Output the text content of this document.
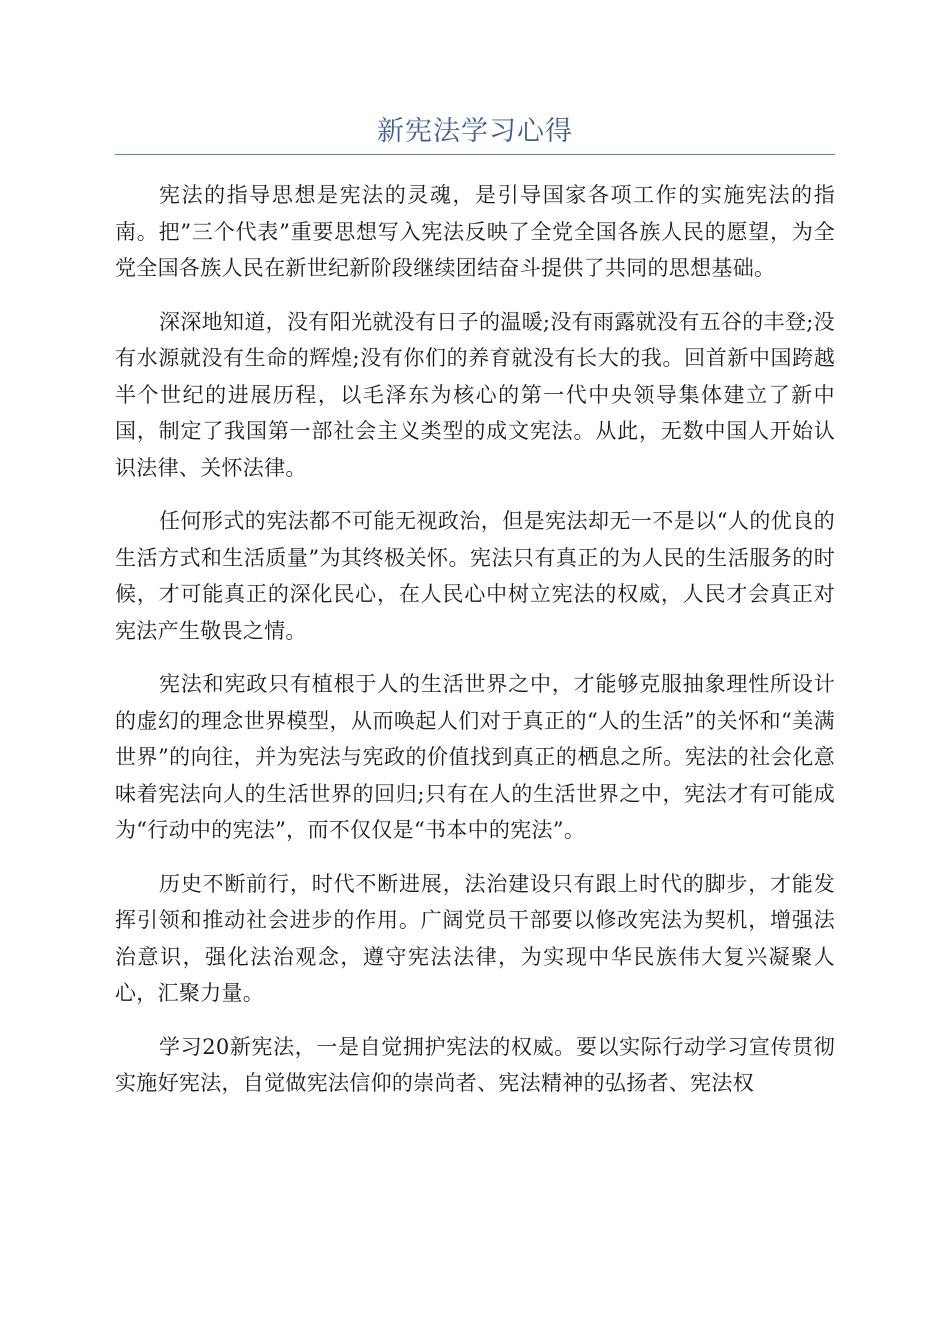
新宪法学习心得

宪法的指导思想是宪法的灵魂，是引导国家各项工作的实施宪法的指南。把”三个代表”重要思想写入宪法反映了全党全国各族人民的愿望，为全党全国各族人民在新世纪新阶段继续团结奋斗提供了共同的思想基础。

深深地知道，没有阳光就没有日子的温暖;没有雨露就没有五谷的丰登;没有水源就没有生命的辉煌;没有你们的养育就没有长大的我。回首新中国跨越半个世纪的进展历程，以毛泽东为核心的第一代中央领导集体建立了新中国，制定了我国第一部社会主义类型的成文宪法。从此，无数中国人开始认识法律、关怀法律。

任何形式的宪法都不可能无视政治，但是宪法却无一不是以“人的优良的生活方式和生活质量”为其终极关怀。宪法只有真正的为人民的生活服务的时候，才可能真正的深化民心，在人民心中树立宪法的权威，人民才会真正对宪法产生敬畏之情。

宪法和宪政只有植根于人的生活世界之中，才能够克服抽象理性所设计的虚幻的理念世界模型，从而唤起人们对于真正的“人的生活”的关怀和“美满世界”的向往，并为宪法与宪政的价值找到真正的栖息之所。宪法的社会化意味着宪法向人的生活世界的回归;只有在人的生活世界之中，宪法才有可能成为“行动中的宪法”，而不仅仅是“书本中的宪法”。

历史不断前行，时代不断进展，法治建设只有跟上时代的脚步，才能发挥引领和推动社会进步的作用。广阔党员干部要以修改宪法为契机，增强法治意识，强化法治观念，遵守宪法法律，为实现中华民族伟大复兴凝聚人心，汇聚力量。

学习20新宪法，一是自觉拥护宪法的权威。要以实际行动学习宣传贯彻实施好宪法，自觉做宪法信仰的崇尚者、宪法精神的弘扬者、宪法权
